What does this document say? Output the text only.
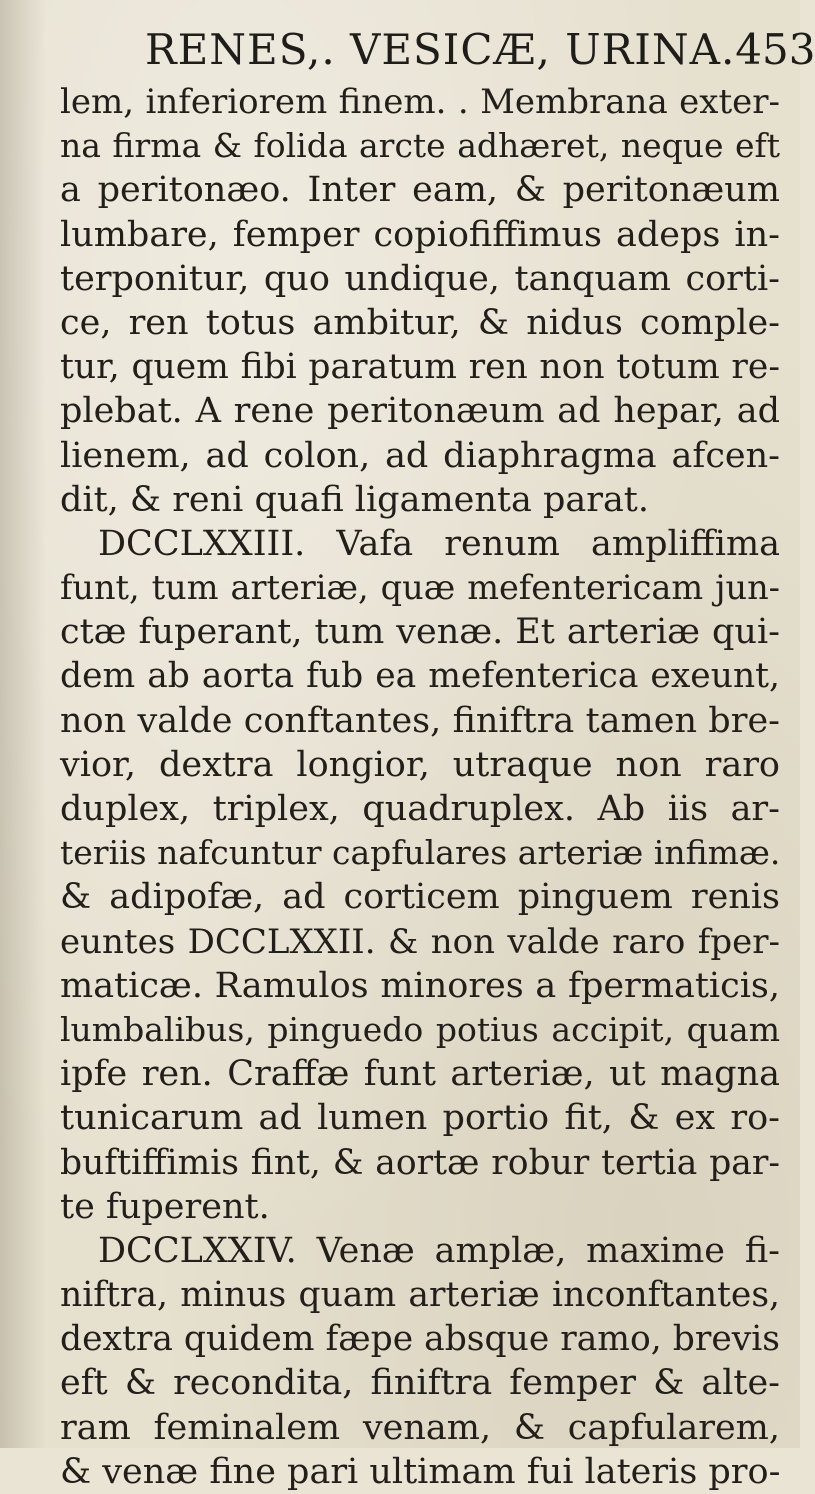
RENES,. VESICÆ, URINA. 453
lem, inferiorem finem. . Membrana exter-
na firma & folida arcte adhæret, neque eft
a peritonæo. Inter eam, & peritonæum
lumbare, femper copiofiffimus adeps in-
terponitur, quo undique, tanquam corti-
ce, ren totus ambitur, & nidus comple-
tur, quem fibi paratum ren non totum re-
plebat. A rene peritonæum ad hepar, ad
lienem, ad colon, ad diaphragma afcen-
dit, & reni quafi ligamenta parat.
DCCLXXIII. Vafa renum ampliffima
funt, tum arteriæ, quæ mefentericam jun-
ctæ fuperant, tum venæ. Et arteriæ qui-
dem ab aorta fub ea mefenterica exeunt,
non valde conftantes, finiftra tamen bre-
vior, dextra longior, utraque non raro
duplex, triplex, quadruplex. Ab iis ar-
teriis nafcuntur capfulares arteriæ infimæ.
& adipofæ, ad corticem pinguem renis
euntes DCCLXXII. & non valde raro fper-
maticæ. Ramulos minores a fpermaticis,
lumbalibus, pinguedo potius accipit, quam
ipfe ren. Craffæ funt arteriæ, ut magna
tunicarum ad lumen portio fit, & ex ro-
buftiffimis fint, & aortæ robur tertia par-
te fuperent.
DCCLXXIV. Venæ amplæ, maxime fi-
niftra, minus quam arteriæ inconftantes,
dextra quidem fæpe absque ramo, brevis
eft & recondita, finiftra femper & alte-
ram feminalem venam, & capfularem,
& venæ fine pari ultimam fui lateris pro-
